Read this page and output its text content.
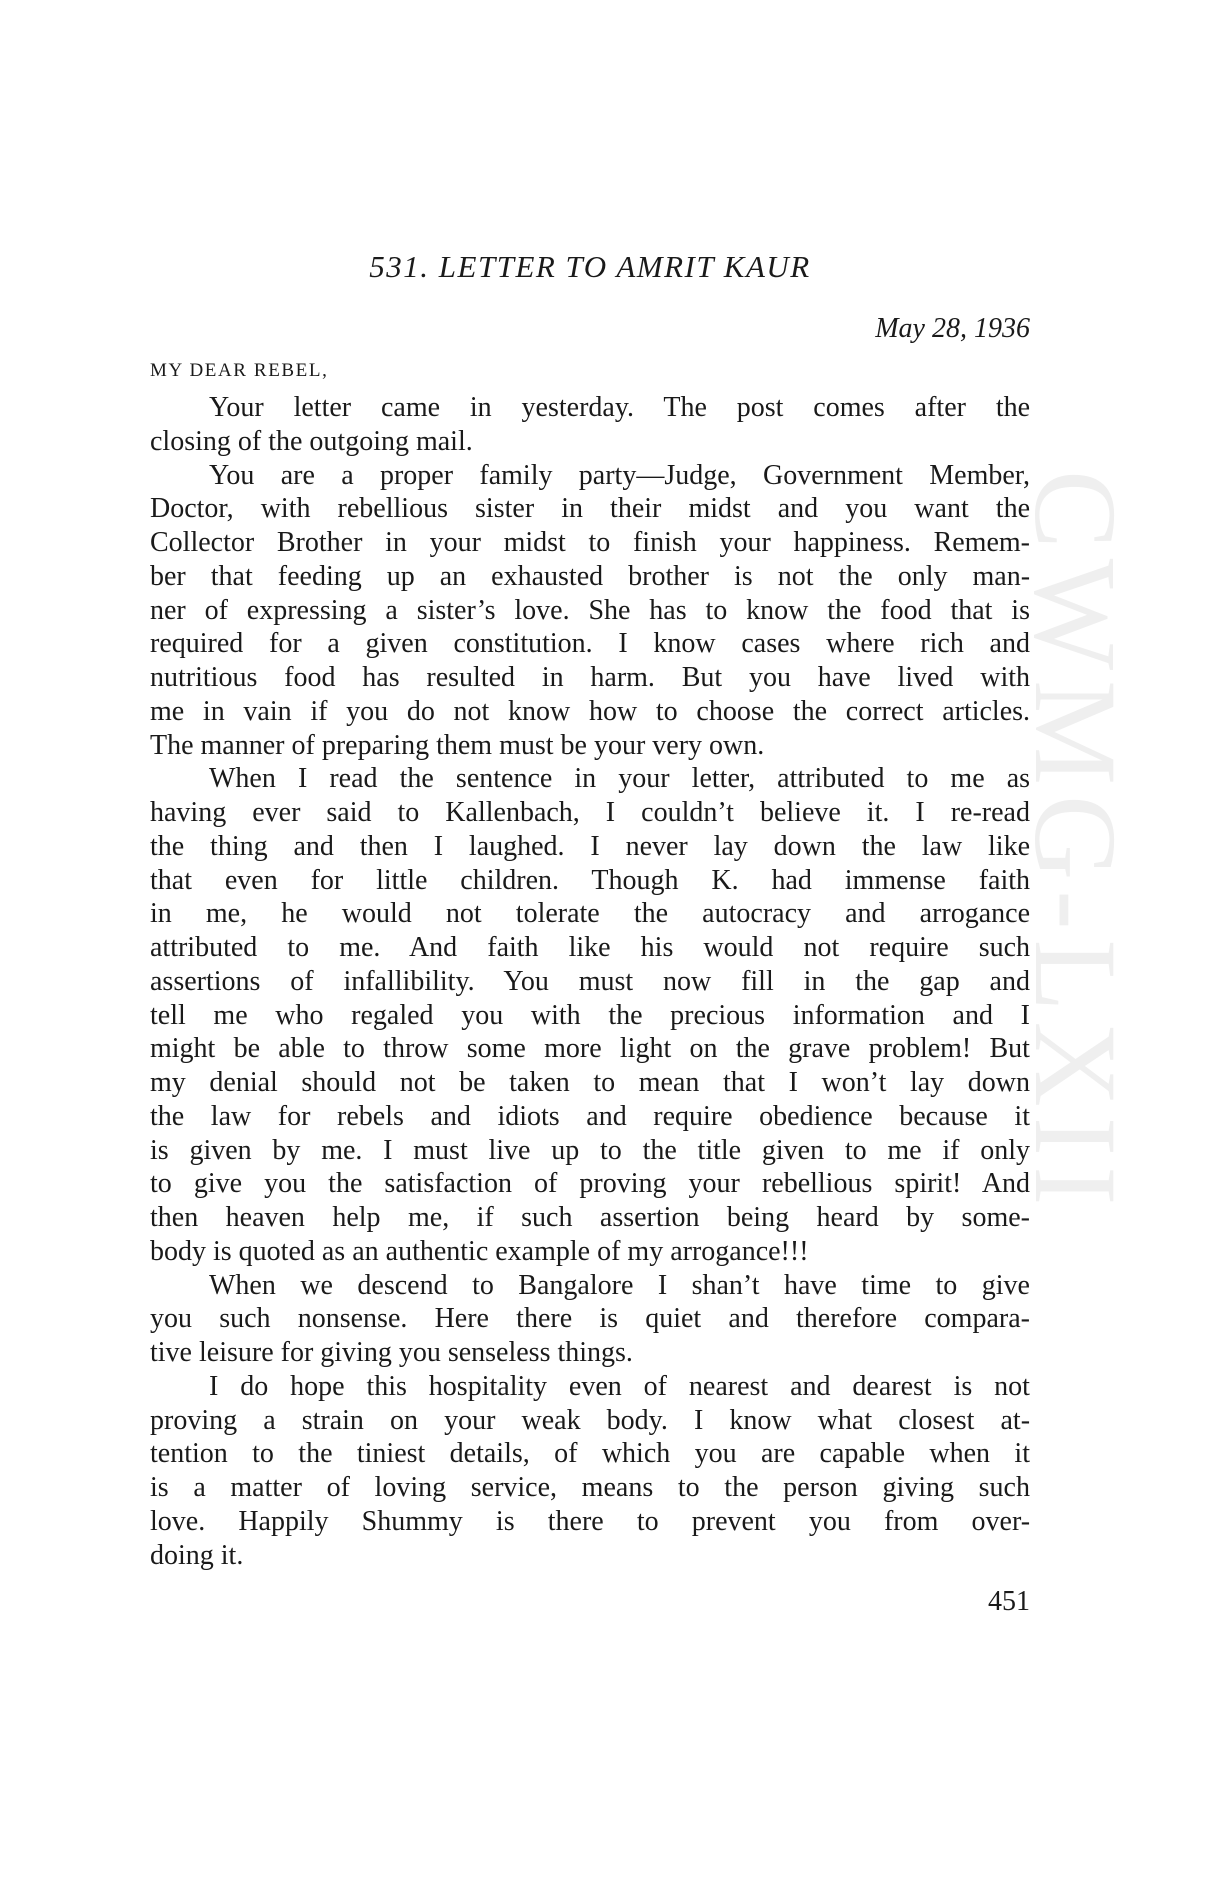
CWMG-LXII
531. LETTER TO AMRIT KAUR
May 28, 1936
MY DEAR REBEL,
Your letter came in yesterday. The post comes after the
closing of the outgoing mail.
You are a proper family party—Judge, Government Member,
Doctor, with rebellious sister in their midst and you want the
Collector Brother in your midst to finish your happiness. Remem-
ber that feeding up an exhausted brother is not the only man-
ner of expressing a sister’s love. She has to know the food that is
required for a given constitution. I know cases where rich and
nutritious food has resulted in harm. But you have lived with
me in vain if you do not know how to choose the correct articles.
The manner of preparing them must be your very own.
When I read the sentence in your letter, attributed to me as
having ever said to Kallenbach, I couldn’t believe it. I re-read
the thing and then I laughed. I never lay down the law like
that even for little children. Though K. had immense faith
in me, he would not tolerate the autocracy and arrogance
attributed to me. And faith like his would not require such
assertions of infallibility. You must now fill in the gap and
tell me who regaled you with the precious information and I
might be able to throw some more light on the grave problem! But
my denial should not be taken to mean that I won’t lay down
the law for rebels and idiots and require obedience because it
is given by me. I must live up to the title given to me if only
to give you the satisfaction of proving your rebellious spirit! And
then heaven help me, if such assertion being heard by some-
body is quoted as an authentic example of my arrogance!!!
When we descend to Bangalore I shan’t have time to give
you such nonsense. Here there is quiet and therefore compara-
tive leisure for giving you senseless things.
I do hope this hospitality even of nearest and dearest is not
proving a strain on your weak body. I know what closest at-
tention to the tiniest details, of which you are capable when it
is a matter of loving service, means to the person giving such
love. Happily Shummy is there to prevent you from over-
doing it.
451
